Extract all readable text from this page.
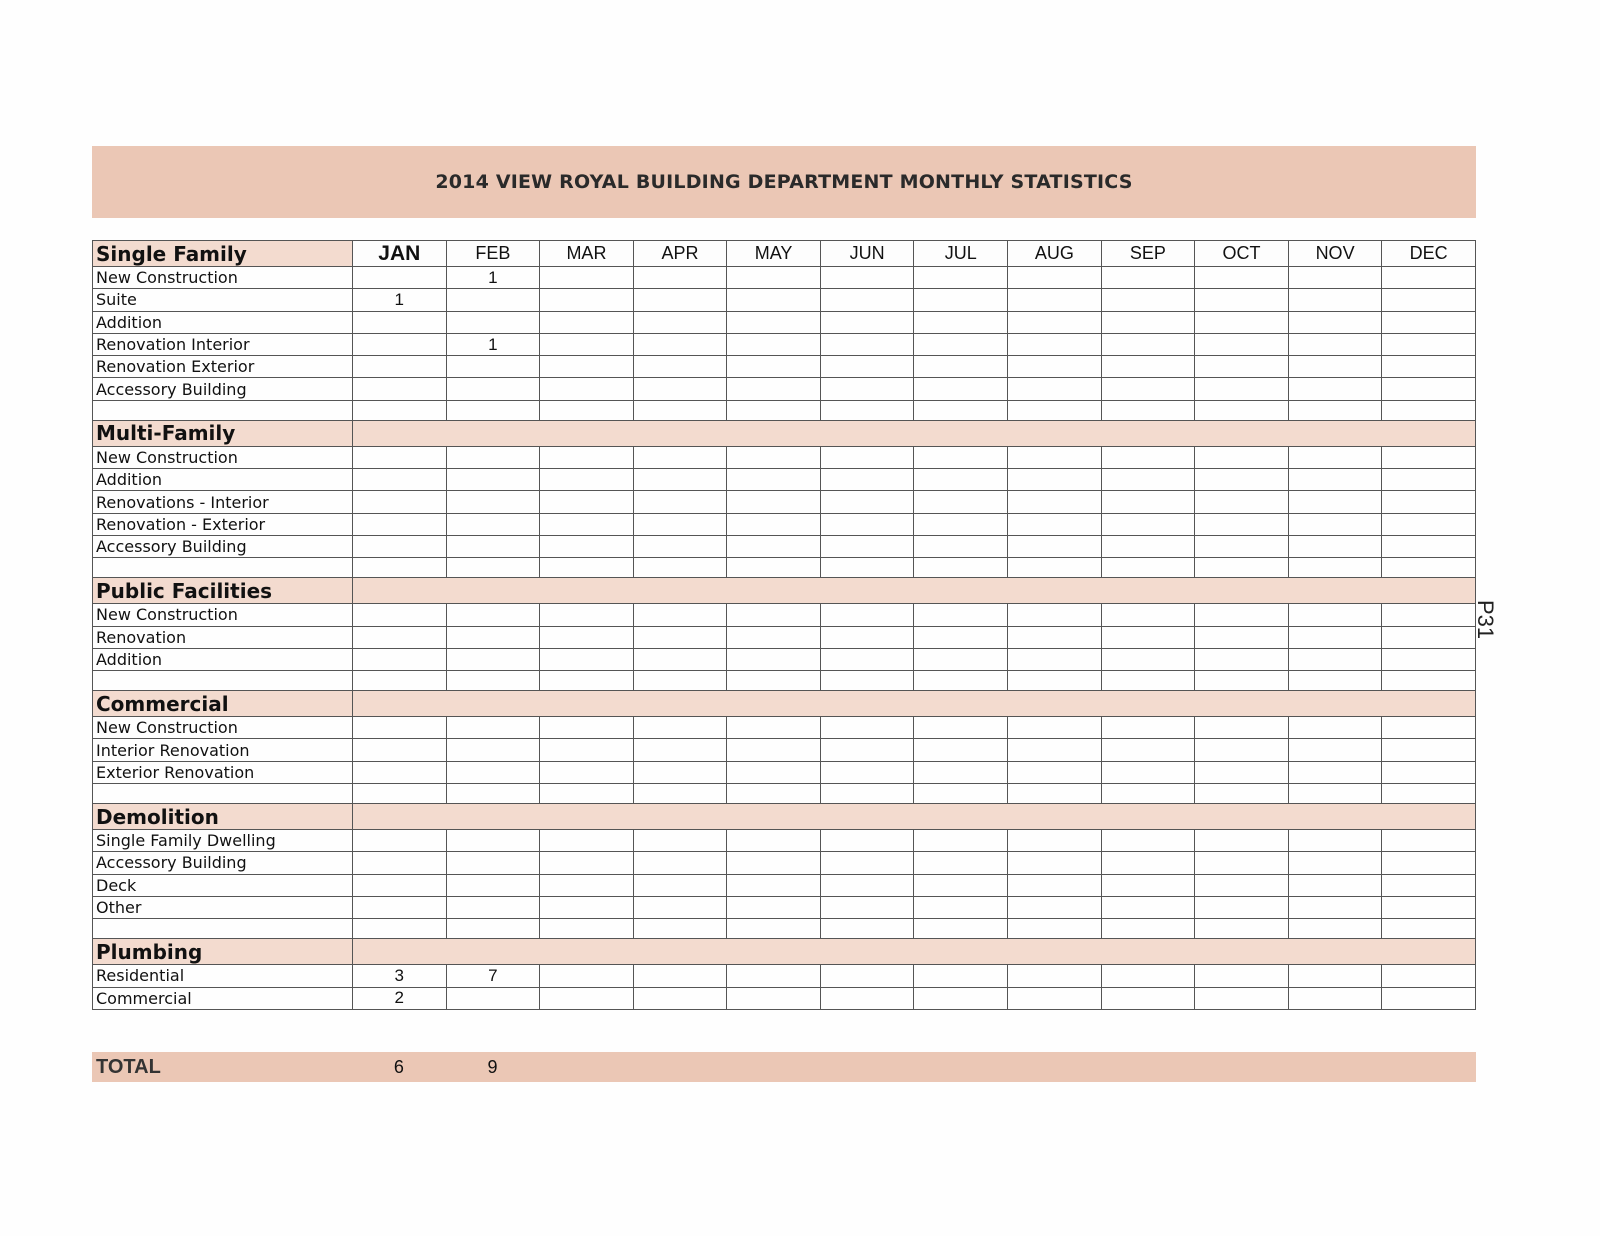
2014 VIEW ROYAL BUILDING DEPARTMENT MONTHLY STATISTICS
Single Family	JAN	FEB	MAR	APR	MAY	JUN	JUL	AUG	SEP	OCT	NOV	DEC
New Construction		1										
Suite	1											
Addition												
Renovation Interior		1										
Renovation Exterior												
Accessory Building												

Multi-Family												
New Construction												
Addition												
Renovations - Interior												
Renovation - Exterior												
Accessory Building												

Public Facilities												
New Construction												
Renovation												
Addition												

Commercial												
New Construction												
Interior Renovation												
Exterior Renovation												

Demolition												
Single Family Dwelling												
Accessory Building												
Deck												
Other												

Plumbing												
Residential	3	7										
Commercial	2											
TOTAL	6	9
P31
